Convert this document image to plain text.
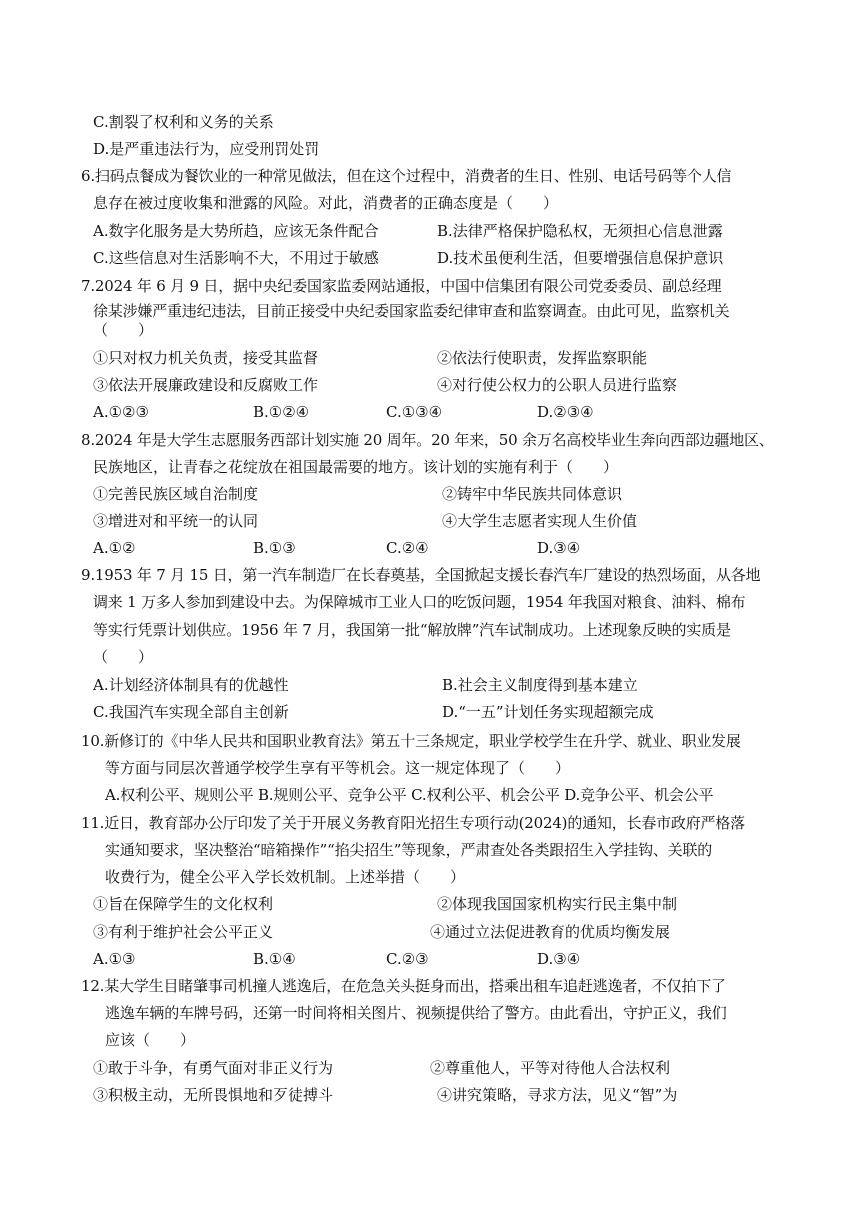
C.割裂了权利和义务的关系
D.是严重违法行为，应受刑罚处罚
6.扫码点餐成为餐饮业的一种常见做法，但在这个过程中，消费者的生日、性别、电话号码等个人信
息存在被过度收集和泄露的风险。对此，消费者的正确态度是（　　）
A.数字化服务是大势所趋，应该无条件配合	B.法律严格保护隐私权，无须担心信息泄露
C.这些信息对生活影响不大，不用过于敏感	D.技术虽便利生活，但要增强信息保护意识
7.2024 年 6 月 9 日，据中央纪委国家监委网站通报，中国中信集团有限公司党委委员、副总经理
徐某涉嫌严重违纪违法，目前正接受中央纪委国家监委纪律审查和监察调查。由此可见，监察机关
（　　）
①只对权力机关负责，接受其监督	②依法行使职责，发挥监察职能
③依法开展廉政建设和反腐败工作	④对行使公权力的公职人员进行监察
A.①②③	B.①②④	C.①③④	D.②③④
8.2024 年是大学生志愿服务西部计划实施 20 周年。20 年来，50 余万名高校毕业生奔向西部边疆地区、
民族地区，让青春之花绽放在祖国最需要的地方。该计划的实施有利于（　　）
①完善民族区域自治制度	②铸牢中华民族共同体意识
③增进对和平统一的认同	④大学生志愿者实现人生价值
A.①②	B.①③	C.②④	D.③④
9.1953 年 7 月 15 日，第一汽车制造厂在长春奠基，全国掀起支援长春汽车厂建设的热烈场面，从各地
调来 1 万多人参加到建设中去。为保障城市工业人口的吃饭问题，1954 年我国对粮食、油料、棉布
等实行凭票计划供应。1956 年 7 月，我国第一批“解放牌”汽车试制成功。上述现象反映的实质是
（　　）
A.计划经济体制具有的优越性	B.社会主义制度得到基本建立
C.我国汽车实现全部自主创新	D.“一五”计划任务实现超额完成
10.新修订的《中华人民共和国职业教育法》第五十三条规定，职业学校学生在升学、就业、职业发展
等方面与同层次普通学校学生享有平等机会。这一规定体现了（　　）
A.权利公平、规则公平 B.规则公平、竞争公平 C.权利公平、机会公平 D.竞争公平、机会公平
11.近日，教育部办公厅印发了关于开展义务教育阳光招生专项行动(2024)的通知，长春市政府严格落
实通知要求，坚决整治“暗箱操作”“掐尖招生”等现象，严肃查处各类跟招生入学挂钩、关联的
收费行为，健全公平入学长效机制。上述举措（　　）
①旨在保障学生的文化权利	②体现我国国家机构实行民主集中制
③有利于维护社会公平正义	④通过立法促进教育的优质均衡发展
A.①③	B.①④	C.②③	D.③④
12.某大学生目睹肇事司机撞人逃逸后，在危急关头挺身而出，搭乘出租车追赶逃逸者，不仅拍下了
逃逸车辆的车牌号码，还第一时间将相关图片、视频提供给了警方。由此看出，守护正义，我们
应该（　　）
①敢于斗争，有勇气面对非正义行为	②尊重他人，平等对待他人合法权利
③积极主动，无所畏惧地和歹徒搏斗	④讲究策略，寻求方法，见义“智”为
